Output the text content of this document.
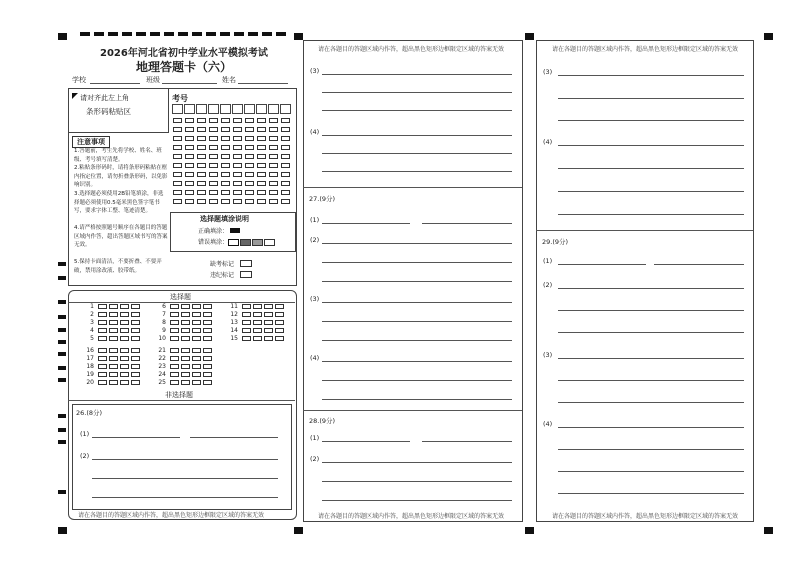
2026年河北省初中学业水平模拟考试
地理答题卡（六）
学校	班级	姓名
请对齐此左上角
条形码粘贴区
注意事项
1.答题前，考生先将学校、姓名、班级、考号填写清楚。
2.粘贴条形码时，请将条形码粘贴在框内指定位置，请勿折叠条形码，以免影响识别。
3.选择题必须使用2B铅笔填涂，非选择题必须使用0.5毫米黑色签字笔书写，要求字体工整、笔迹清楚。
4.请严格按照题号顺序在各题目的答题区域内作答，超出答题区域书写的答案无效。
5.保持卡面清洁，不要折叠、不要弄破，禁用涂改液、胶带纸。
考号
选择题填涂说明
正确填涂：
错误填涂：
缺考标记
违纪标记
选择题
1
2
3
4
5
6
7
8
9
10
11
12
13
14
15
16
17
18
19
20
21
22
23
24
25
非选择题
26.(8分)
(1)
(2)
请在各题目的答题区域内作答，超出黑色矩形边框限定区域的答案无效
请在各题目的答题区域内作答，超出黑色矩形边框限定区域的答案无效
(3)
(4)
27.(9分)
(1)
(2)
(3)
(4)
28.(9分)
(1)
(2)
请在各题目的答题区域内作答，超出黑色矩形边框限定区域的答案无效
请在各题目的答题区域内作答，超出黑色矩形边框限定区域的答案无效
(3)
(4)
29.(9分)
(1)
(2)
(3)
(4)
请在各题目的答题区域内作答，超出黑色矩形边框限定区域的答案无效
